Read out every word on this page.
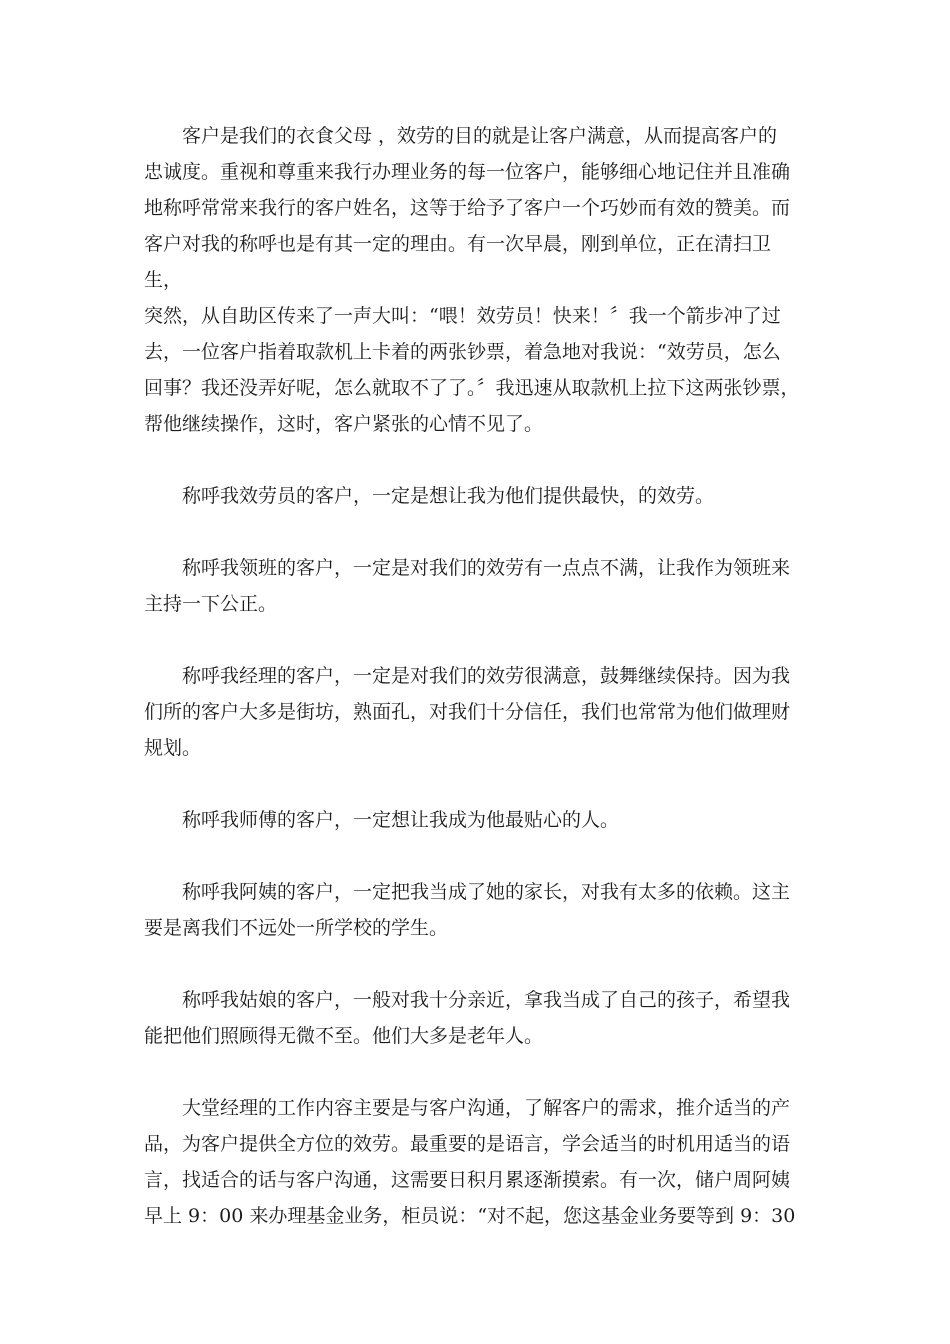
客户是我们的衣食父母 ，效劳的目的就是让客户满意，从而提高客户的
忠诚度。重视和尊重来我行办理业务的每一位客户，能够细心地记住并且准确
地称呼常常来我行的客户姓名，这等于给予了客户一个巧妙而有效的赞美。而
客户对我的称呼也是有其一定的理由。有一次早晨，刚到单位，正在清扫卫生，
突然，从自助区传来了一声大叫：“喂！效劳员！快来！〞我一个箭步冲了过
去，一位客户指着取款机上卡着的两张钞票，着急地对我说：“效劳员，怎么
回事？我还没弄好呢，怎么就取不了了。〞我迅速从取款机上拉下这两张钞票，
帮他继续操作，这时，客户紧张的心情不见了。

称呼我效劳员的客户，一定是想让我为他们提供最快，的效劳。

称呼我领班的客户，一定是对我们的效劳有一点点不满，让我作为领班来
主持一下公正。

称呼我经理的客户，一定是对我们的效劳很满意，鼓舞继续保持。因为我
们所的客户大多是街坊，熟面孔，对我们十分信任，我们也常常为他们做理财
规划。

称呼我师傅的客户，一定想让我成为他最贴心的人。

称呼我阿姨的客户，一定把我当成了她的家长，对我有太多的依赖。这主
要是离我们不远处一所学校的学生。

称呼我姑娘的客户，一般对我十分亲近，拿我当成了自己的孩子，希望我
能把他们照顾得无微不至。他们大多是老年人。

大堂经理的工作内容主要是与客户沟通，了解客户的需求，推介适当的产
品，为客户提供全方位的效劳。最重要的是语言，学会适当的时机用适当的语
言，找适合的话与客户沟通，这需要日积月累逐渐摸索。有一次，储户周阿姨
早上 9：00 来办理基金业务，柜员说：“对不起，您这基金业务要等到 9：30
